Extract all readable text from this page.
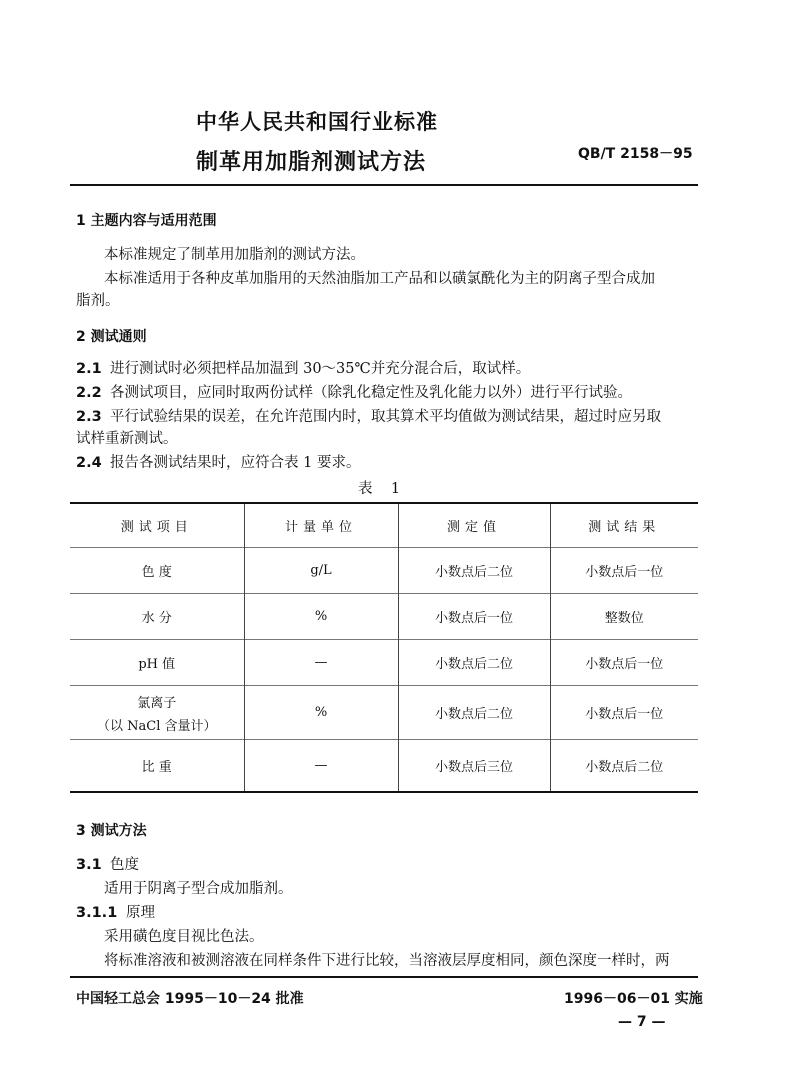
中华人民共和国行业标准
制革用加脂剂测试方法	QB/T 2158－95
1 主题内容与适用范围
本标准规定了制革用加脂剂的测试方法。
本标准适用于各种皮革加脂用的天然油脂加工产品和以磺氯酰化为主的阴离子型合成加
脂剂。
2 测试通则
2.1 进行测试时必须把样品加温到 30～35℃并充分混合后，取试样。
2.2 各测试项目，应同时取两份试样（除乳化稳定性及乳化能力以外）进行平行试验。
2.3 平行试验结果的误差，在允许范围内时，取其算术平均值做为测试结果，超过时应另取
试样重新测试。
2.4 报告各测试结果时，应符合表 1 要求。
表    1
测试项目	计量单位	测定值	测试结果
色 度	g/L	小数点后二位	小数点后一位
水 分	%	小数点后一位	整数位
pH 值	—	小数点后二位	小数点后一位

氯离子
（以 NaCl 含量计）	%	小数点后二位	小数点后一位
比 重	—	小数点后三位	小数点后二位
3 测试方法
3.1 色度
适用于阴离子型合成加脂剂。
3.1.1 原理
采用磺色度目视比色法。
将标准溶液和被测溶液在同样条件下进行比较，当溶液层厚度相同，颜色深度一样时，两
中国轻工总会 1995－10－24 批准	1996－06－01 实施
— 7 —
